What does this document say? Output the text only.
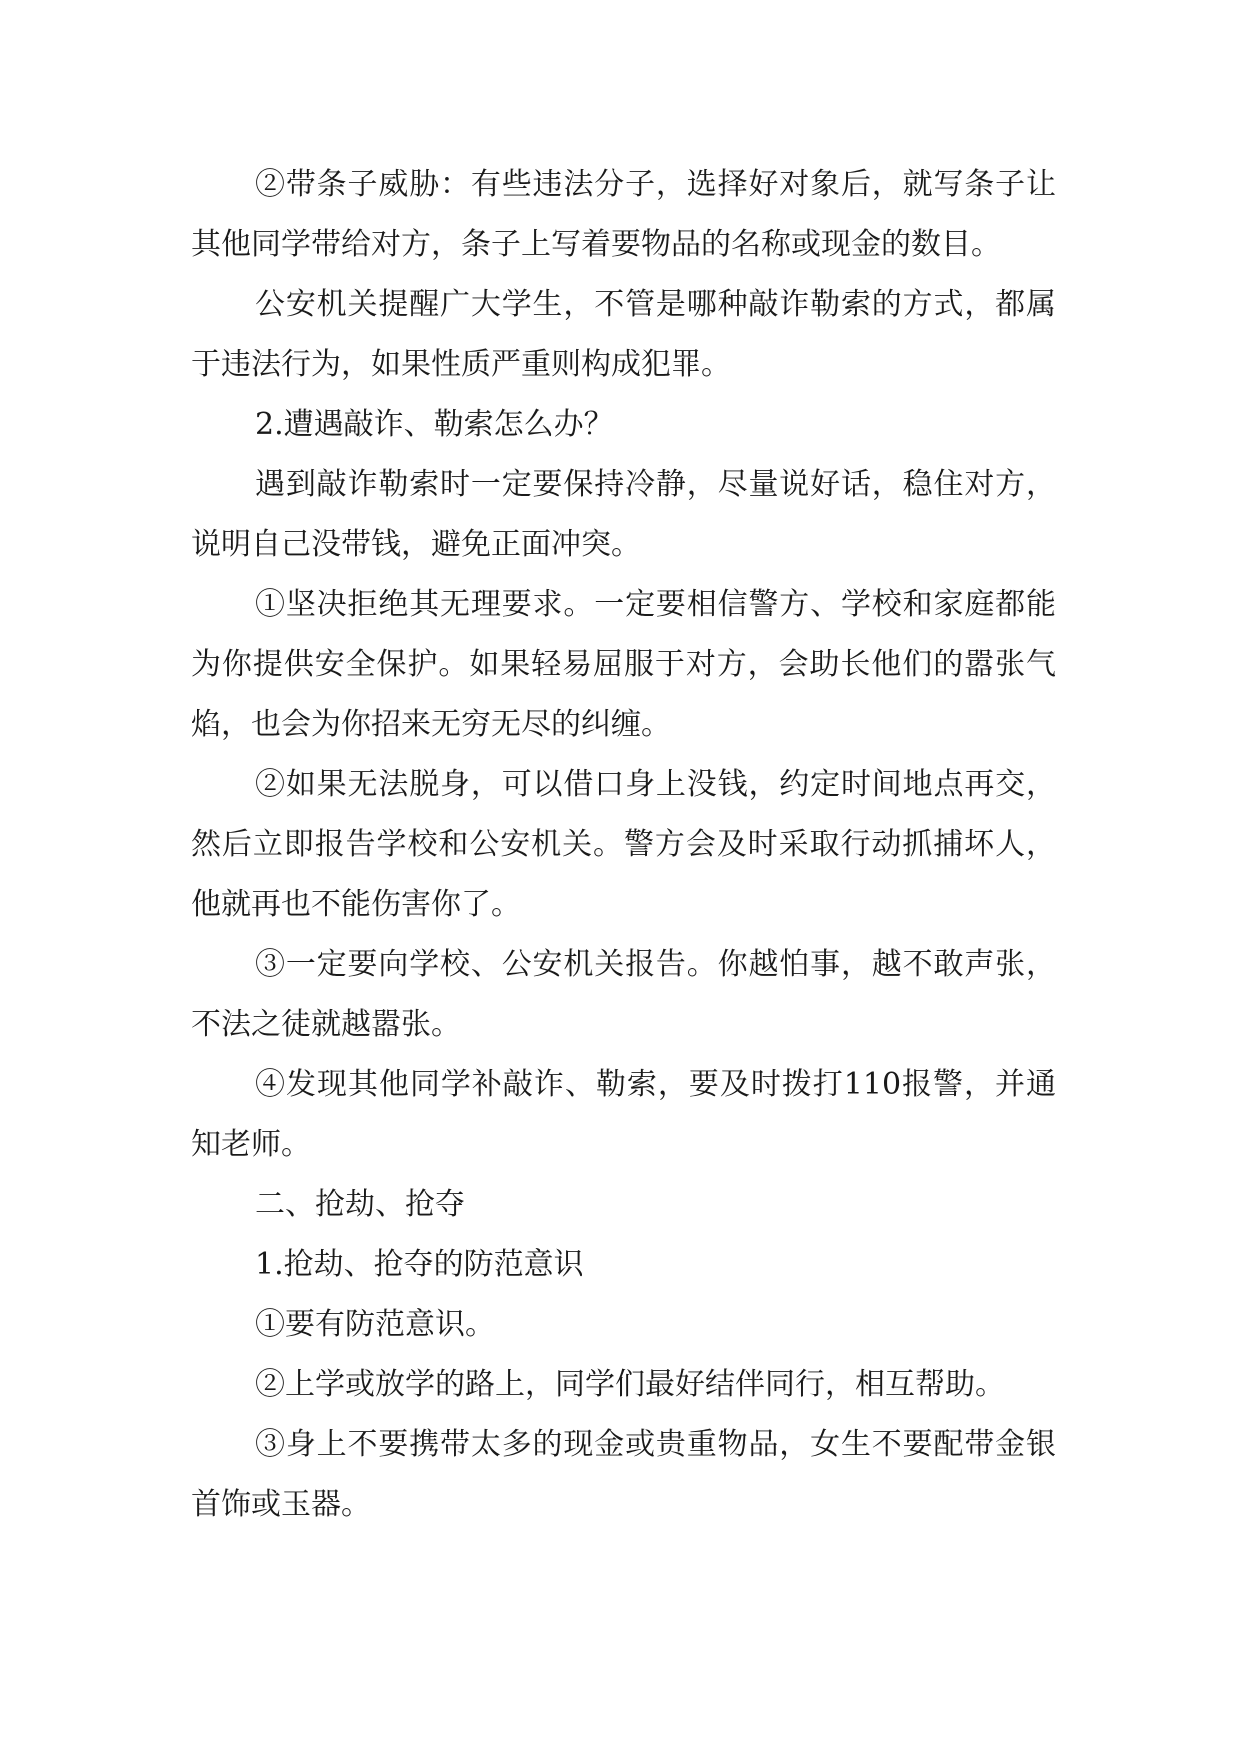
②带条子威胁：有些违法分子，选择好对象后，就写条子让其他同学带给对方，条子上写着要物品的名称或现金的数目。

公安机关提醒广大学生，不管是哪种敲诈勒索的方式，都属于违法行为，如果性质严重则构成犯罪。

2.遭遇敲诈、勒索怎么办？

遇到敲诈勒索时一定要保持冷静，尽量说好话，稳住对方，说明自己没带钱，避免正面冲突。

①坚决拒绝其无理要求。一定要相信警方、学校和家庭都能为你提供安全保护。如果轻易屈服于对方，会助长他们的嚣张气焰，也会为你招来无穷无尽的纠缠。

②如果无法脱身，可以借口身上没钱，约定时间地点再交，然后立即报告学校和公安机关。警方会及时采取行动抓捕坏人，他就再也不能伤害你了。

③一定要向学校、公安机关报告。你越怕事，越不敢声张，不法之徒就越嚣张。

④发现其他同学补敲诈、勒索，要及时拨打110报警，并通知老师。

二、抢劫、抢夺

1.抢劫、抢夺的防范意识

①要有防范意识。

②上学或放学的路上，同学们最好结伴同行，相互帮助。

③身上不要携带太多的现金或贵重物品，女生不要配带金银首饰或玉器。
